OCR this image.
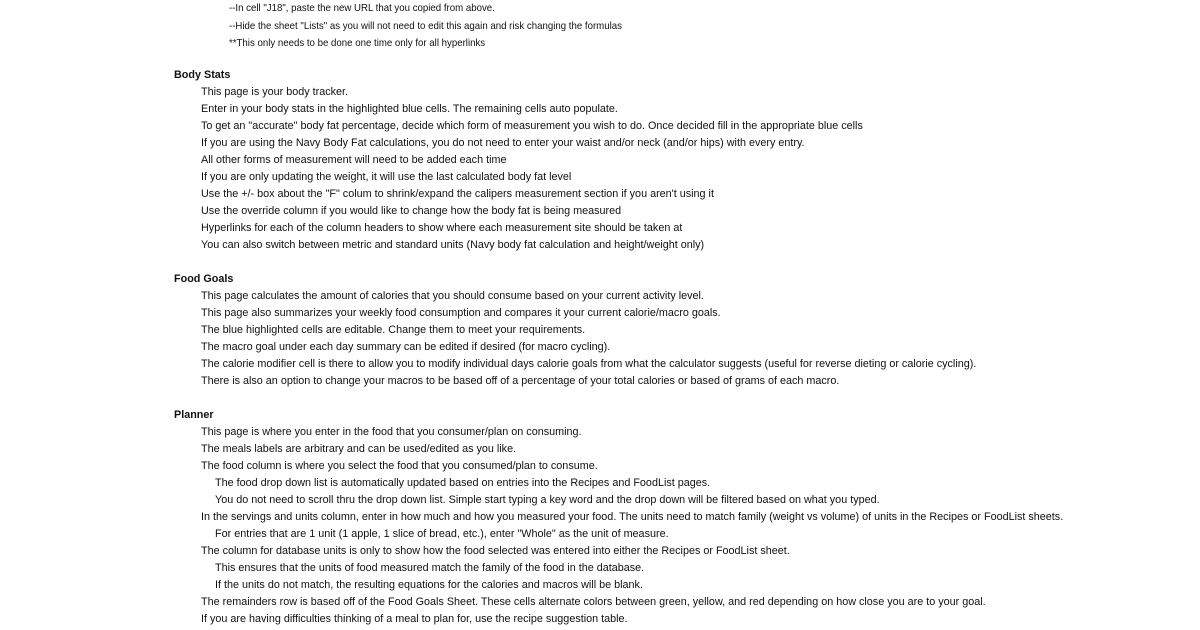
--In cell "J18", paste the new URL that you copied from above.
--Hide the sheet "Lists" as you will not need to edit this again and risk changing the formulas
**This only needs to be done one time only for all hyperlinks
Body Stats
This page is your body tracker.
Enter in your body stats in the highlighted blue cells. The remaining cells auto populate.
To get an "accurate" body fat percentage, decide which form of measurement you wish to do. Once decided fill in the appropriate blue cells
If you are using the Navy Body Fat calculations, you do not need to enter your waist and/or neck (and/or hips) with every entry.
All other forms of measurement will need to be added each time
If you are only updating the weight, it will use the last calculated body fat level
Use the +/- box about the "F" colum to shrink/expand the calipers measurement section if you aren't using it
Use the override column if you would like to change how the body fat is being measured
Hyperlinks for each of the column headers to show where each measurement site should be taken at
You can also switch between metric and standard units (Navy body fat calculation and height/weight only)
Food Goals
This page calculates the amount of calories that you should consume based on your current activity level.
This page also summarizes your weekly food consumption and compares it your current calorie/macro goals.
The blue highlighted cells are editable. Change them to meet your requirements.
The macro goal under each day summary can be edited if desired (for macro cycling).
The calorie modifier cell is there to allow you to modify individual days calorie goals from what the calculator suggests (useful for reverse dieting or calorie cycling).
There is also an option to change your macros to be based off of a percentage of your total calories or based of grams of each macro.
Planner
This page is where you enter in the food that you consumer/plan on consuming.
The meals labels are arbitrary and can be used/edited as you like.
The food column is where you select the food that you consumed/plan to consume.
The food drop down list is automatically updated based on entries into the Recipes and FoodList pages.
You do not need to scroll thru the drop down list. Simple start typing a key word and the drop down will be filtered based on what you typed.
In the servings and units column, enter in how much and how you measured your food. The units need to match family (weight vs volume) of units in the Recipes or FoodList sheets.
For entries that are 1 unit (1 apple, 1 slice of bread, etc.), enter "Whole" as the unit of measure.
The column for database units is only to show how the food selected was entered into either the Recipes or FoodList sheet.
This ensures that the units of food measured match the family of the food in the database.
If the units do not match, the resulting equations for the calories and macros will be blank.
The remainders row is based off of the Food Goals Sheet. These cells alternate colors between green, yellow, and red depending on how close you are to your goal.
If you are having difficulties thinking of a meal to plan for, use the recipe suggestion table.
